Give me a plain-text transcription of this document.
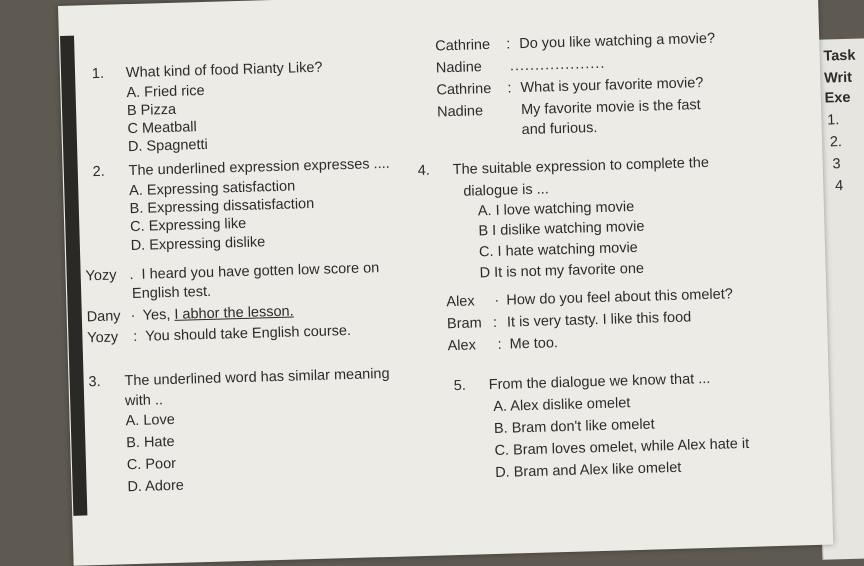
Task
Writ
Exe
1.
2.
3
4
1. What kind of food Rianty Like?
A. Fried rice
B Pizza
C Meatball
D. Spagnetti
2. The underlined expression expresses ....
A. Expressing satisfaction
B. Expressing dissatisfaction
C. Expressing like
D. Expressing dislike
Yozy . I heard you have gotten low score on
English test.
Dany · Yes, I abhor the lesson.
Yozy : You should take English course.
3. The underlined word has similar meaning
with ..
A. Love
B. Hate
C. Poor
D. Adore
Cathrine : Do you like watching a movie?
Nadine ...................
Cathrine : What is your favorite movie?
Nadine	My favorite movie is the fast
and furious.
4. The suitable expression to complete the
dialogue is ...
A. I love watching movie
B I dislike watching movie
C. I hate watching movie
D It is not my favorite one
Alex · How do you feel about this omelet?
Bram : It is very tasty. I like this food
Alex : Me too.
5. From the dialogue we know that ...
A. Alex dislike omelet
B. Bram don't like omelet
C. Bram loves omelet, while Alex hate it
D. Bram and Alex like omelet
